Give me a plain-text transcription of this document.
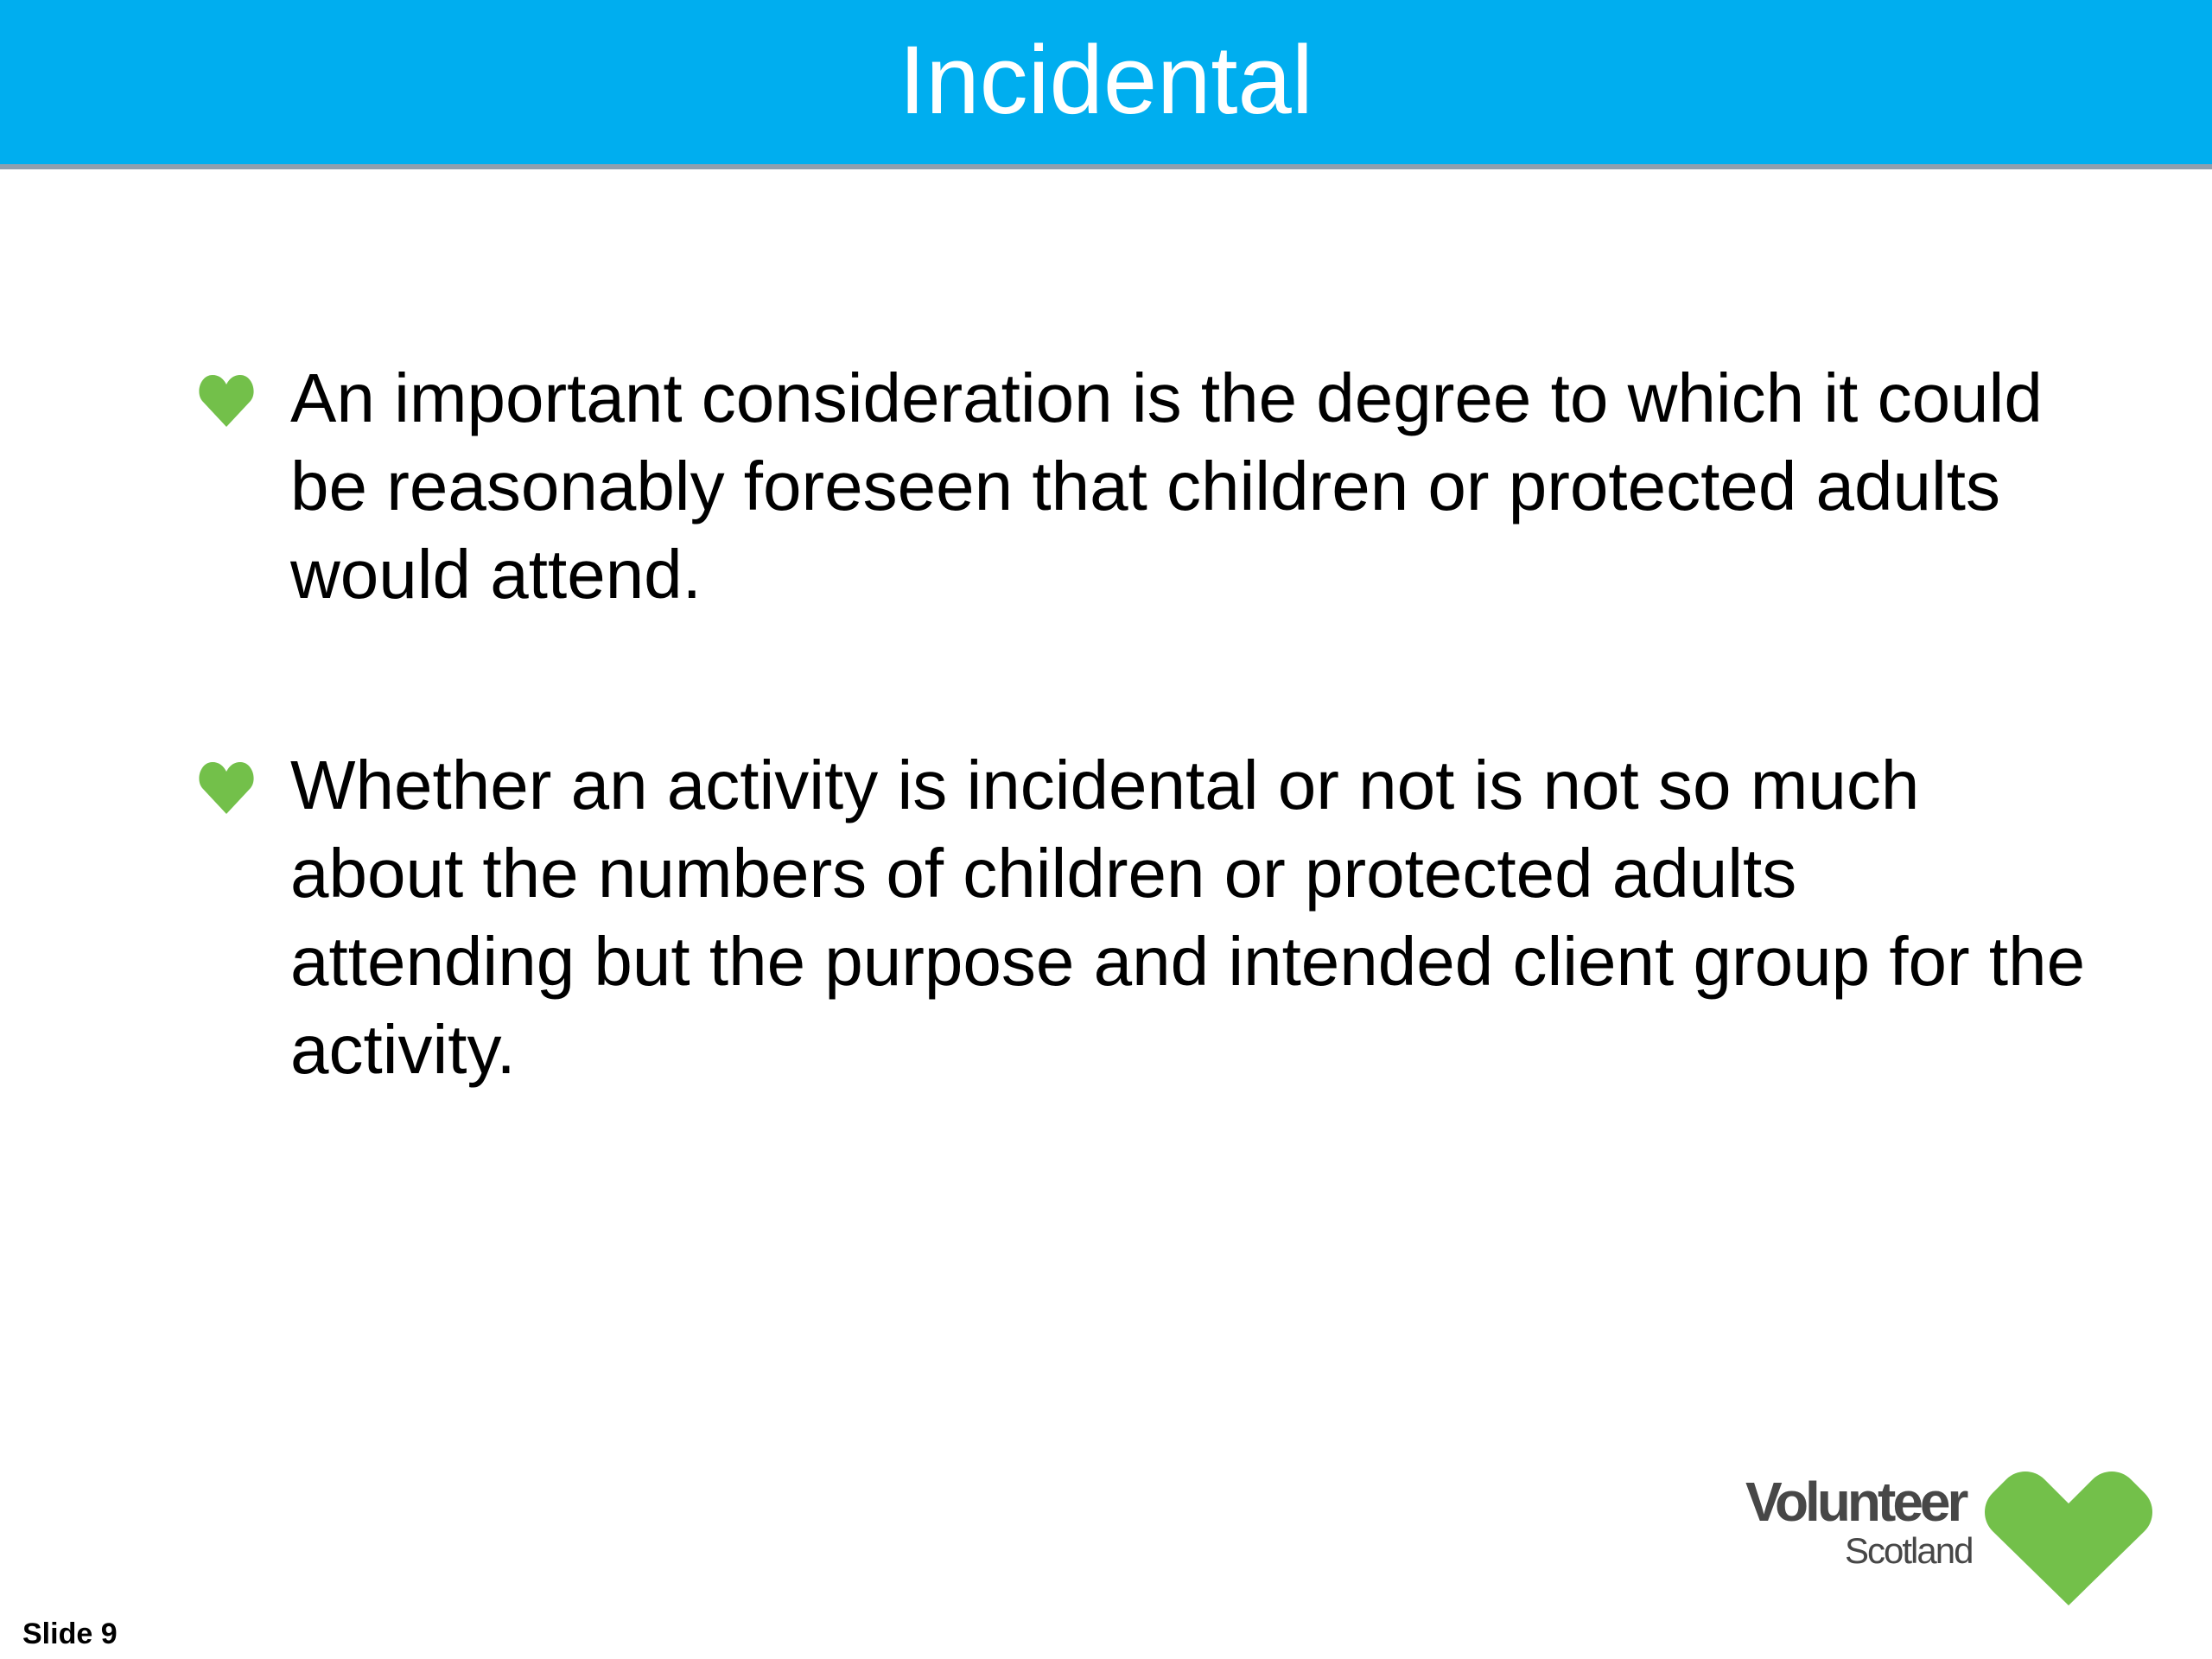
Incidental
An important consideration is the degree to which it could be reasonably foreseen that children or protected adults would attend.
Whether an activity is incidental or not is not so much about the numbers of children or protected adults attending but the purpose and intended client group for the activity.
Volunteer
Scotland
Slide 9
